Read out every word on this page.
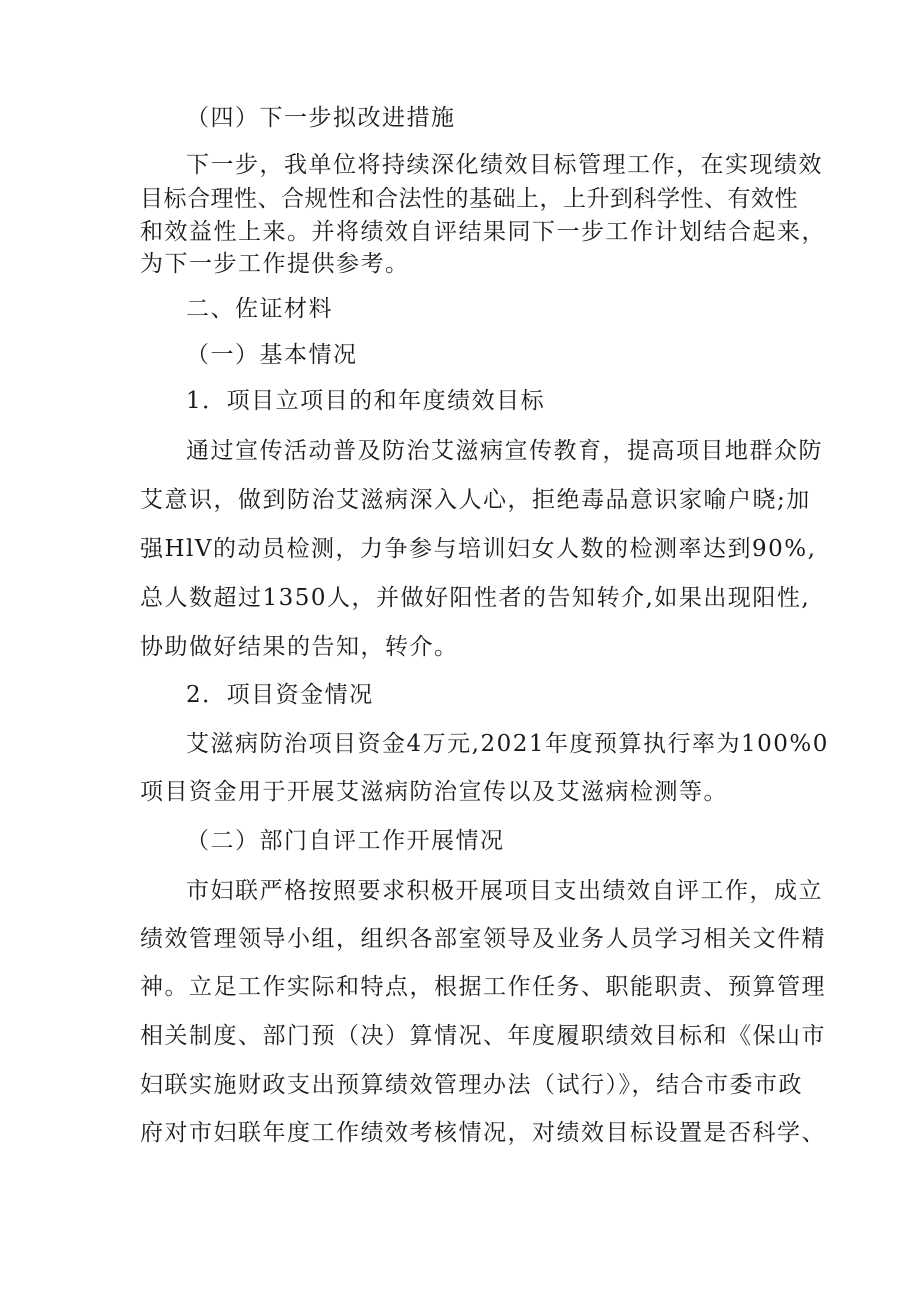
（四）下一步拟改进措施
下一步，我单位将持续深化绩效目标管理工作，在实现绩效
目标合理性、合规性和合法性的基础上，上升到科学性、有效性
和效益性上来。并将绩效自评结果同下一步工作计划结合起来，
为下一步工作提供参考。
二、佐证材料
（一）基本情况
1．项目立项目的和年度绩效目标
通过宣传活动普及防治艾滋病宣传教育，提高项目地群众防
艾意识，做到防治艾滋病深入人心，拒绝毒品意识家喻户晓;加
强HlV的动员检测，力争参与培训妇女人数的检测率达到90%,
总人数超过1350人，并做好阳性者的告知转介,如果出现阳性,
协助做好结果的告知，转介。
2．项目资金情况
艾滋病防治项目资金4万元,2021年度预算执行率为100%0
项目资金用于开展艾滋病防治宣传以及艾滋病检测等。
（二）部门自评工作开展情况
市妇联严格按照要求积极开展项目支出绩效自评工作，成立
绩效管理领导小组，组织各部室领导及业务人员学习相关文件精
神。立足工作实际和特点，根据工作任务、职能职责、预算管理
相关制度、部门预（决）算情况、年度履职绩效目标和《保山市
妇联实施财政支出预算绩效管理办法（试行）》，结合市委市政
府对市妇联年度工作绩效考核情况，对绩效目标设置是否科学、
